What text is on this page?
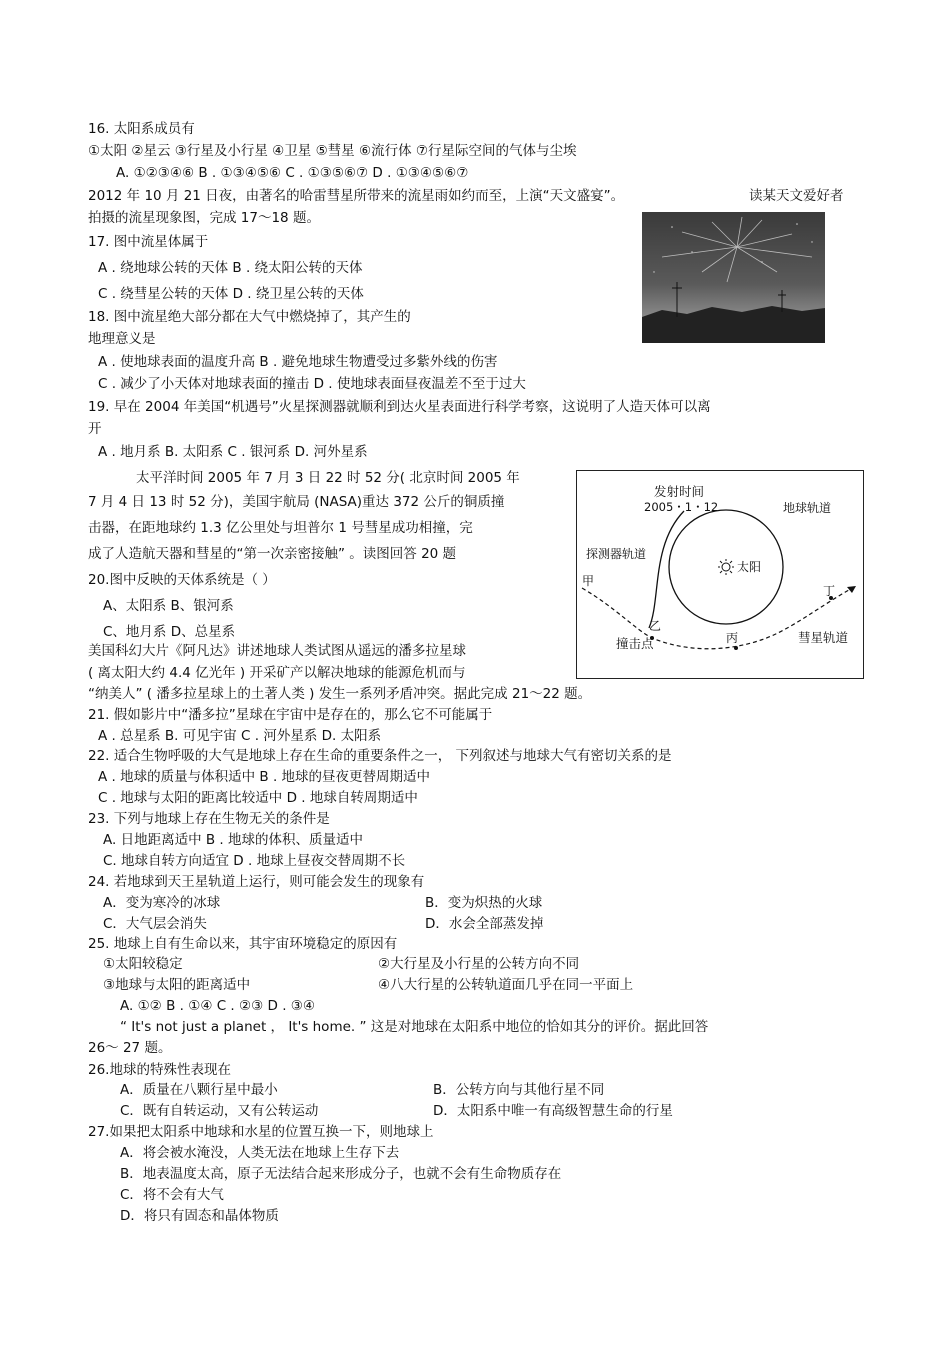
16. 太阳系成员有
①太阳 ②星云 ③行星及小行星 ④卫星 ⑤彗星 ⑥流行体 ⑦行星际空间的气体与尘埃
A. ①②③④⑥ B . ①③④⑤⑥ C . ①③⑤⑥⑦ D . ①③④⑤⑥⑦
2012 年 10 月 21 日夜，由著名的哈雷彗星所带来的流星雨如约而至，上演“天文盛宴”。	读某天文爱好者
拍摄的流星现象图，完成 17～18 题。
17. 图中流星体属于
A . 绕地球公转的天体 B . 绕太阳公转的天体
C . 绕彗星公转的天体 D . 绕卫星公转的天体
18. 图中流星绝大部分都在大气中燃烧掉了，其产生的
地理意义是
A . 使地球表面的温度升高 B . 避免地球生物遭受过多紫外线的伤害
C . 减少了小天体对地球表面的撞击 D . 使地球表面昼夜温差不至于过大
19. 早在 2004 年美国“机遇号”火星探测器就顺利到达火星表面进行科学考察，这说明了人造天体可以离
开
A . 地月系 B. 太阳系 C . 银河系 D. 河外星系
太平洋时间 2005 年 7 月 3 日 22 时 52 分( 北京时间 2005 年
7 月 4 日 13 时 52 分)，美国宇航局 (NASA)重达 372 公斤的铜质撞
击器，在距地球约 1.3 亿公里处与坦普尔 1 号彗星成功相撞，完
成了人造航天器和彗星的“第一次亲密接触” 。读图回答 20 题
发射时间
2005・1・12
太阳
地球轨道
探测器轨道
甲
乙
丙
丁
撞击点	彗星轨道
20.图中反映的天体系统是（ ）
A、太阳系 B、银河系
C、地月系 D、总星系
美国科幻大片《阿凡达》讲述地球人类试图从遥远的潘多拉星球
( 离太阳大约 4.4 亿光年 ) 开采矿产以解决地球的能源危机而与
“纳美人” ( 潘多拉星球上的土著人类 ) 发生一系列矛盾冲突。据此完成 21～22 题。
21. 假如影片中“潘多拉”星球在宇宙中是存在的，那么它不可能属于
A . 总星系 B. 可见宇宙 C . 河外星系 D. 太阳系
22. 适合生物呼吸的大气是地球上存在生命的重要条件之一， 下列叙述与地球大气有密切关系的是
A . 地球的质量与体积适中 B . 地球的昼夜更替周期适中
C . 地球与太阳的距离比较适中 D . 地球自转周期适中
23. 下列与地球上存在生物无关的条件是
A. 日地距离适中 B . 地球的体积、质量适中
C. 地球自转方向适宜 D . 地球上昼夜交替周期不长
24. 若地球到天王星轨道上运行，则可能会发生的现象有
A．变为寒冷的冰球	B．变为炽热的火球
C．大气层会消失	D．水会全部蒸发掉
25. 地球上自有生命以来，其宇宙环境稳定的原因有
①太阳较稳定	②大行星及小行星的公转方向不同
③地球与太阳的距离适中	④八大行星的公转轨道面几乎在同一平面上
A. ①② B . ①④ C . ②③ D . ③④
“ It's not just a planet ， It's home. ” 这是对地球在太阳系中地位的恰如其分的评价。据此回答
26～ 27 题。
26.地球的特殊性表现在
A．质量在八颗行星中最小	B．公转方向与其他行星不同
C．既有自转运动，又有公转运动	D．太阳系中唯一有高级智慧生命的行星
27.如果把太阳系中地球和水星的位置互换一下，则地球上
A．将会被水淹没，人类无法在地球上生存下去
B．地表温度太高，原子无法结合起来形成分子，也就不会有生命物质存在
C．将不会有大气
D．将只有固态和晶体物质
